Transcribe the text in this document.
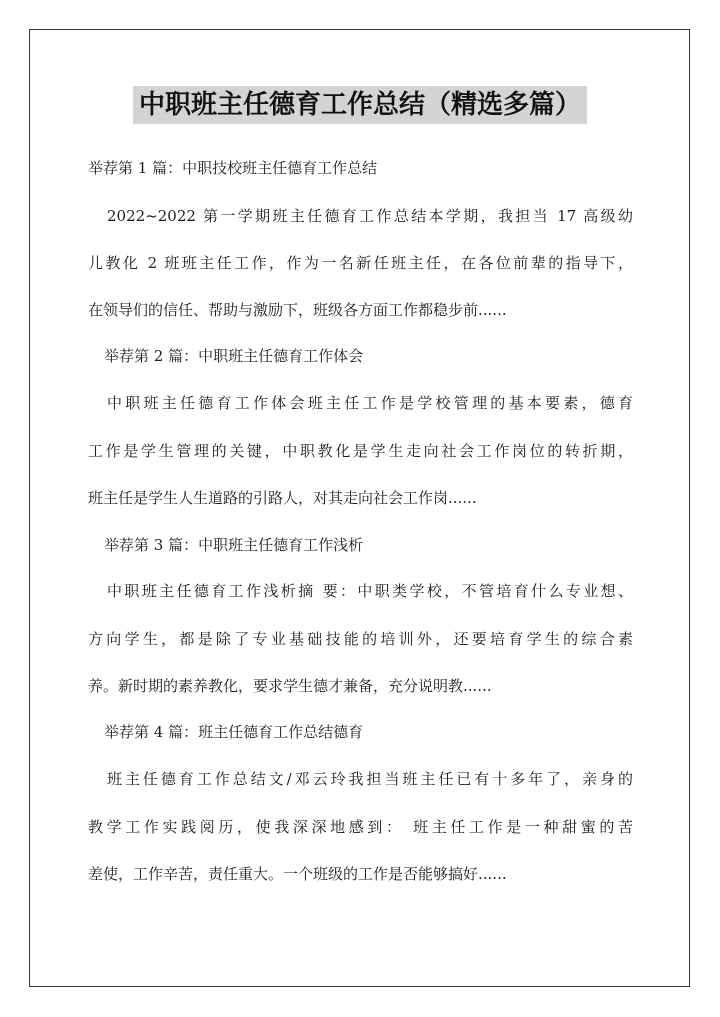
中职班主任德育工作总结（精选多篇）
举荐第 1 篇：中职技校班主任德育工作总结
2022~2022 第一学期班主任德育工作总结本学期，我担当 17 高级幼
儿教化 2 班班主任工作，作为一名新任班主任，在各位前辈的指导下，
在领导们的信任、帮助与激励下，班级各方面工作都稳步前......
举荐第 2 篇：中职班主任德育工作体会
中职班主任德育工作体会班主任工作是学校管理的基本要素，德育
工作是学生管理的关键，中职教化是学生走向社会工作岗位的转折期，
班主任是学生人生道路的引路人，对其走向社会工作岗......
举荐第 3 篇：中职班主任德育工作浅析
中职班主任德育工作浅析摘 要：中职类学校，不管培育什么专业想、
方向学生，都是除了专业基础技能的培训外，还要培育学生的综合素
养。新时期的素养教化，要求学生德才兼备，充分说明教......
举荐第 4 篇：班主任德育工作总结德育
班主任德育工作总结文/邓云玲我担当班主任已有十多年了，亲身的
教学工作实践阅历，使我深深地感到： 班主任工作是一种甜蜜的苦
差使，工作辛苦，责任重大。一个班级的工作是否能够搞好......
